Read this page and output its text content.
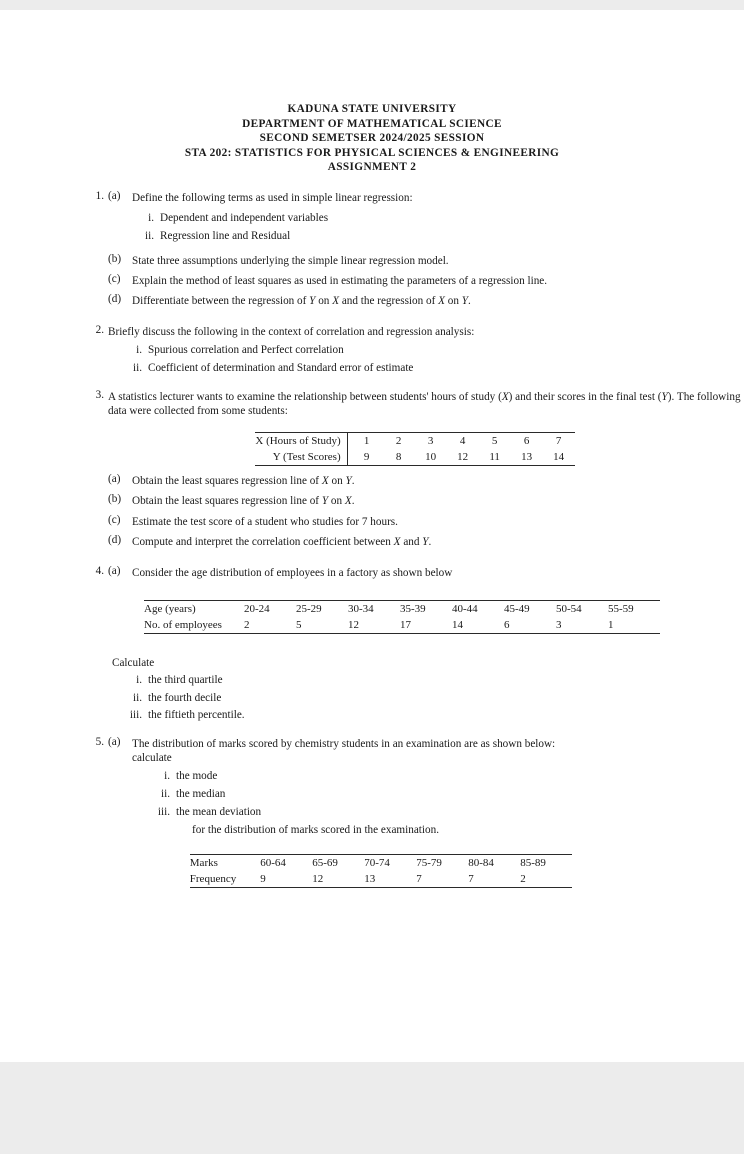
KADUNA STATE UNIVERSITY
DEPARTMENT OF MATHEMATICAL SCIENCE
SECOND SEMETSER 2024/2025 SESSION
STA 202: STATISTICS FOR PHYSICAL SCIENCES & ENGINEERING
ASSIGNMENT 2
1. (a)	Define the following terms as used in simple linear regression:
i. Dependent and independent variables
ii. Regression line and Residual
(b) State three assumptions underlying the simple linear regression model.
(c)	Explain the method of least squares as used in estimating the parameters of a regression line.
(d) Differentiate between the regression of Y on X and the regression of X on Y.
2. Briefly discuss the following in the context of correlation and regression analysis:
i. Spurious correlation and Perfect correlation
ii. Coefficient of determination and Standard error of estimate
3. A statistics lecturer wants to examine the relationship between students' hours of study (X) and their scores in the final test (Y). The following data were collected from some students:
X (Hours of Study)	1	2	3	4	5	6	7
Y (Test Scores)	9	8	10	12	11	13	14
(a)	Obtain the least squares regression line of X on Y.
(b) Obtain the least squares regression line of Y on X.
(c)	Estimate the test score of a student who studies for 7 hours.
(d) Compute and interpret the correlation coefficient between X and Y.
4. (a)	Consider the age distribution of employees in a factory as shown below
Age (years)	20-24	25-29	30-34	35-39	40-44	45-49	50-54	55-59
No. of employees	2	5	12	17	14	6	3	1
Calculate
i. the third quartile
ii. the fourth decile
iii. the fiftieth percentile.
5. (a)	The distribution of marks scored by chemistry students in an examination are as shown below:
calculate
i. the mode
ii. the median
iii. the mean deviation
for the distribution of marks scored in the examination.
Marks	60-64	65-69	70-74	75-79	80-84	85-89
Frequency	9	12	13	7	7	2
